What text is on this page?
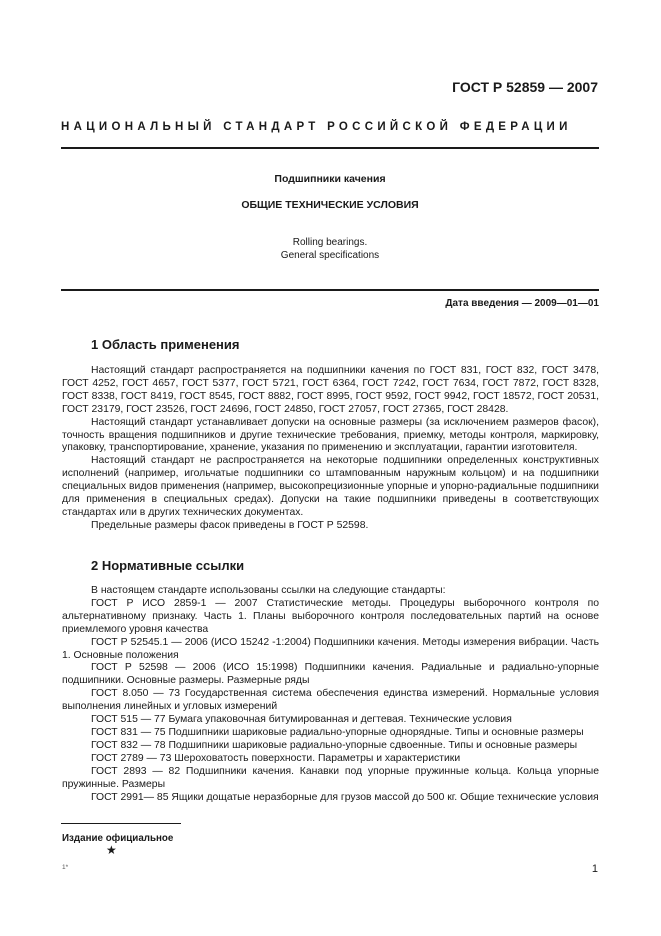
ГОСТ Р 52859 — 2007
НАЦИОНАЛЬНЫЙ СТАНДАРТ РОССИЙСКОЙ ФЕДЕРАЦИИ
Подшипники качения
ОБЩИЕ ТЕХНИЧЕСКИЕ УСЛОВИЯ
Rolling bearings.
General specifications
Дата введения — 2009—01—01
1 Область применения

Настоящий стандарт распространяется на подшипники качения по ГОСТ 831, ГОСТ 832, ГОСТ 3478, ГОСТ 4252, ГОСТ 4657, ГОСТ 5377, ГОСТ 5721, ГОСТ 6364, ГОСТ 7242, ГОСТ 7634, ГОСТ 7872, ГОСТ 8328, ГОСТ 8338, ГОСТ 8419, ГОСТ 8545, ГОСТ 8882, ГОСТ 8995, ГОСТ 9592, ГОСТ 9942, ГОСТ 18572, ГОСТ 20531, ГОСТ 23179, ГОСТ 23526, ГОСТ 24696, ГОСТ 24850, ГОСТ 27057, ГОСТ 27365, ГОСТ 28428.

Настоящий стандарт устанавливает допуски на основные размеры (за исключением размеров фасок), точность вращения подшипников и другие технические требования, приемку, методы контроля, маркировку, упаковку, транспортирование, хранение, указания по применению и эксплуатации, гарантии изготовителя.

Настоящий стандарт не распространяется на некоторые подшипники определенных конструктивных исполнений (например, игольчатые подшипники со штампованным наружным кольцом) и на подшипники специальных видов применения (например, высокопрецизионные упорные и упорно-радиальные подшипники для применения в специальных средах). Допуски на такие подшипники приведены в соответствующих стандартах или в других технических документах.

Предельные размеры фасок приведены в ГОСТ Р 52598.

2 Нормативные ссылки

В настоящем стандарте использованы ссылки на следующие стандарты:

ГОСТ Р ИСО 2859-1 — 2007 Статистические методы. Процедуры выборочного контроля по альтернативному признаку. Часть 1. Планы выборочного контроля последовательных партий на основе приемлемого уровня качества

ГОСТ Р 52545.1 — 2006 (ИСО 15242 -1:2004) Подшипники качения. Методы измерения вибрации. Часть 1. Основные положения

ГОСТ Р 52598 — 2006 (ИСО 15:1998) Подшипники качения. Радиальные и радиально-упорные подшипники. Основные размеры. Размерные ряды

ГОСТ 8.050 — 73 Государственная система обеспечения единства измерений. Нормальные условия выполнения линейных и угловых измерений

ГОСТ 515 — 77 Бумага упаковочная битумированная и дегтевая. Технические условия

ГОСТ 831 — 75 Подшипники шариковые радиально-упорные однорядные. Типы и основные размеры

ГОСТ 832 — 78 Подшипники шариковые радиально-упорные сдвоенные. Типы и основные размеры

ГОСТ 2789 — 73 Шероховатость поверхности. Параметры и характеристики

ГОСТ 2893 — 82 Подшипники качения. Канавки под упорные пружинные кольца. Кольца упорные пружинные. Размеры

ГОСТ 2991— 85 Ящики дощатые неразборные для грузов массой до 500 кг. Общие технические условия

Издание официальное
★
1*	1
